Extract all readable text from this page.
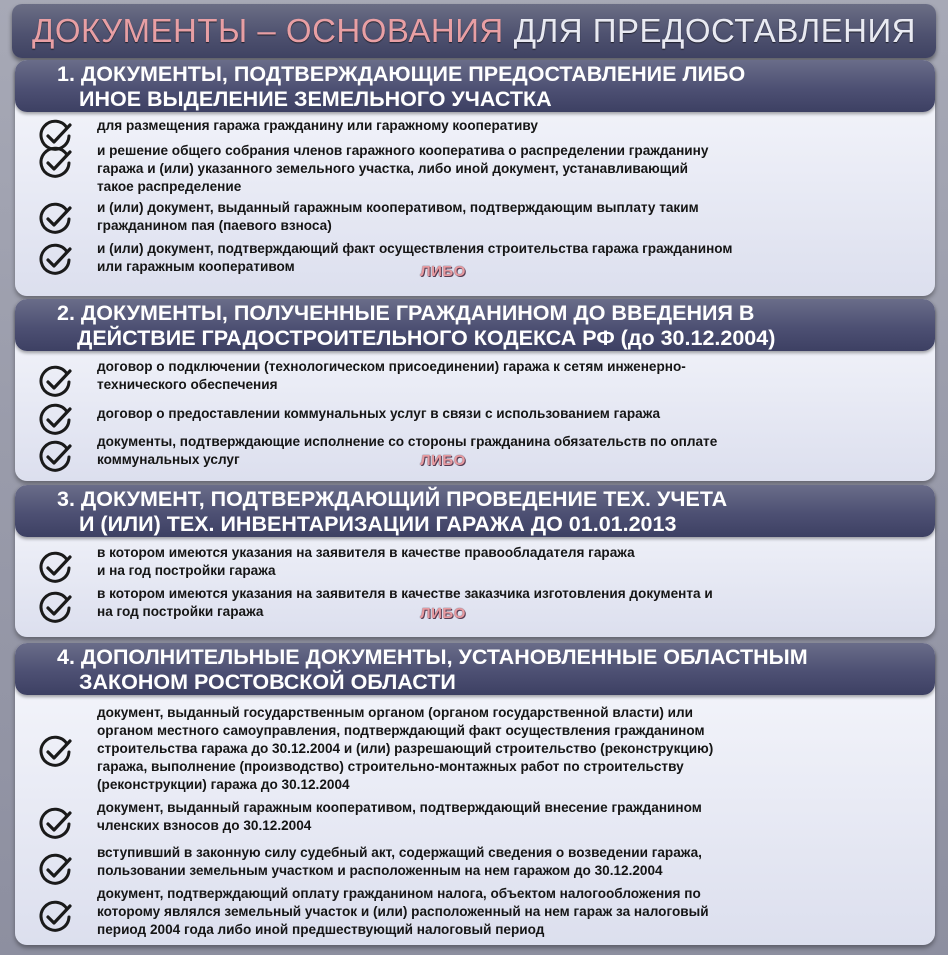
ДОКУМЕНТЫ – ОСНОВАНИЯ ДЛЯ ПРЕДОСТАВЛЕНИЯ
1. ДОКУМЕНТЫ, ПОДТВЕРЖДАЮЩИЕ ПРЕДОСТАВЛЕНИЕ ЛИБО
ИНОЕ ВЫДЕЛЕНИЕ ЗЕМЕЛЬНОГО УЧАСТКА
для размещения гаража гражданину или гаражному кооперативу
и решение общего собрания членов гаражного кооператива о распределении гражданину
гаража и (или) указанного земельного участка, либо иной документ, устанавливающий
такое распределение
и (или) документ, выданный гаражным кооперативом, подтверждающим выплату таким
гражданином пая (паевого взноса)
и (или) документ, подтверждающий факт осуществления строительства гаража гражданином
или гаражным кооперативом
2. ДОКУМЕНТЫ, ПОЛУЧЕННЫЕ ГРАЖДАНИНОМ ДО ВВЕДЕНИЯ В
ДЕЙСТВИЕ ГРАДОСТРОИТЕЛЬНОГО КОДЕКСА РФ (до 30.12.2004)
договор о подключении (технологическом присоединении) гаража к сетям инженерно-
технического обеспечения
договор о предоставлении коммунальных услуг в связи с использованием гаража
документы, подтверждающие исполнение со стороны гражданина обязательств по оплате
коммунальных услуг
3. ДОКУМЕНТ, ПОДТВЕРЖДАЮЩИЙ ПРОВЕДЕНИЕ ТЕХ. УЧЕТА
И (ИЛИ) ТЕХ. ИНВЕНТАРИЗАЦИИ ГАРАЖА ДО 01.01.2013
в котором имеются указания на заявителя в качестве правообладателя гаража
и на год постройки гаража
в котором имеются указания на заявителя в качестве заказчика изготовления документа и
на год постройки гаража
4. ДОПОЛНИТЕЛЬНЫЕ ДОКУМЕНТЫ, УСТАНОВЛЕННЫЕ ОБЛАСТНЫМ
ЗАКОНОМ РОСТОВСКОЙ ОБЛАСТИ
документ, выданный государственным органом (органом государственной власти) или
органом местного самоуправления, подтверждающий факт осуществления гражданином
строительства гаража до 30.12.2004 и (или) разрешающий строительство (реконструкцию)
гаража, выполнение (производство) строительно-монтажных работ по строительству
(реконструкции) гаража до 30.12.2004
документ, выданный гаражным кооперативом, подтверждающий внесение гражданином
членских взносов до 30.12.2004
вступивший в законную силу судебный акт, содержащий сведения о возведении гаража,
пользовании земельным участком и расположенным на нем гаражом до 30.12.2004
документ, подтверждающий оплату гражданином налога, объектом налогообложения по
которому являлся земельный участок и (или) расположенный на нем гараж за налоговый
период 2004 года либо иной предшествующий налоговый период
ЛИБО
ЛИБО
ЛИБО
